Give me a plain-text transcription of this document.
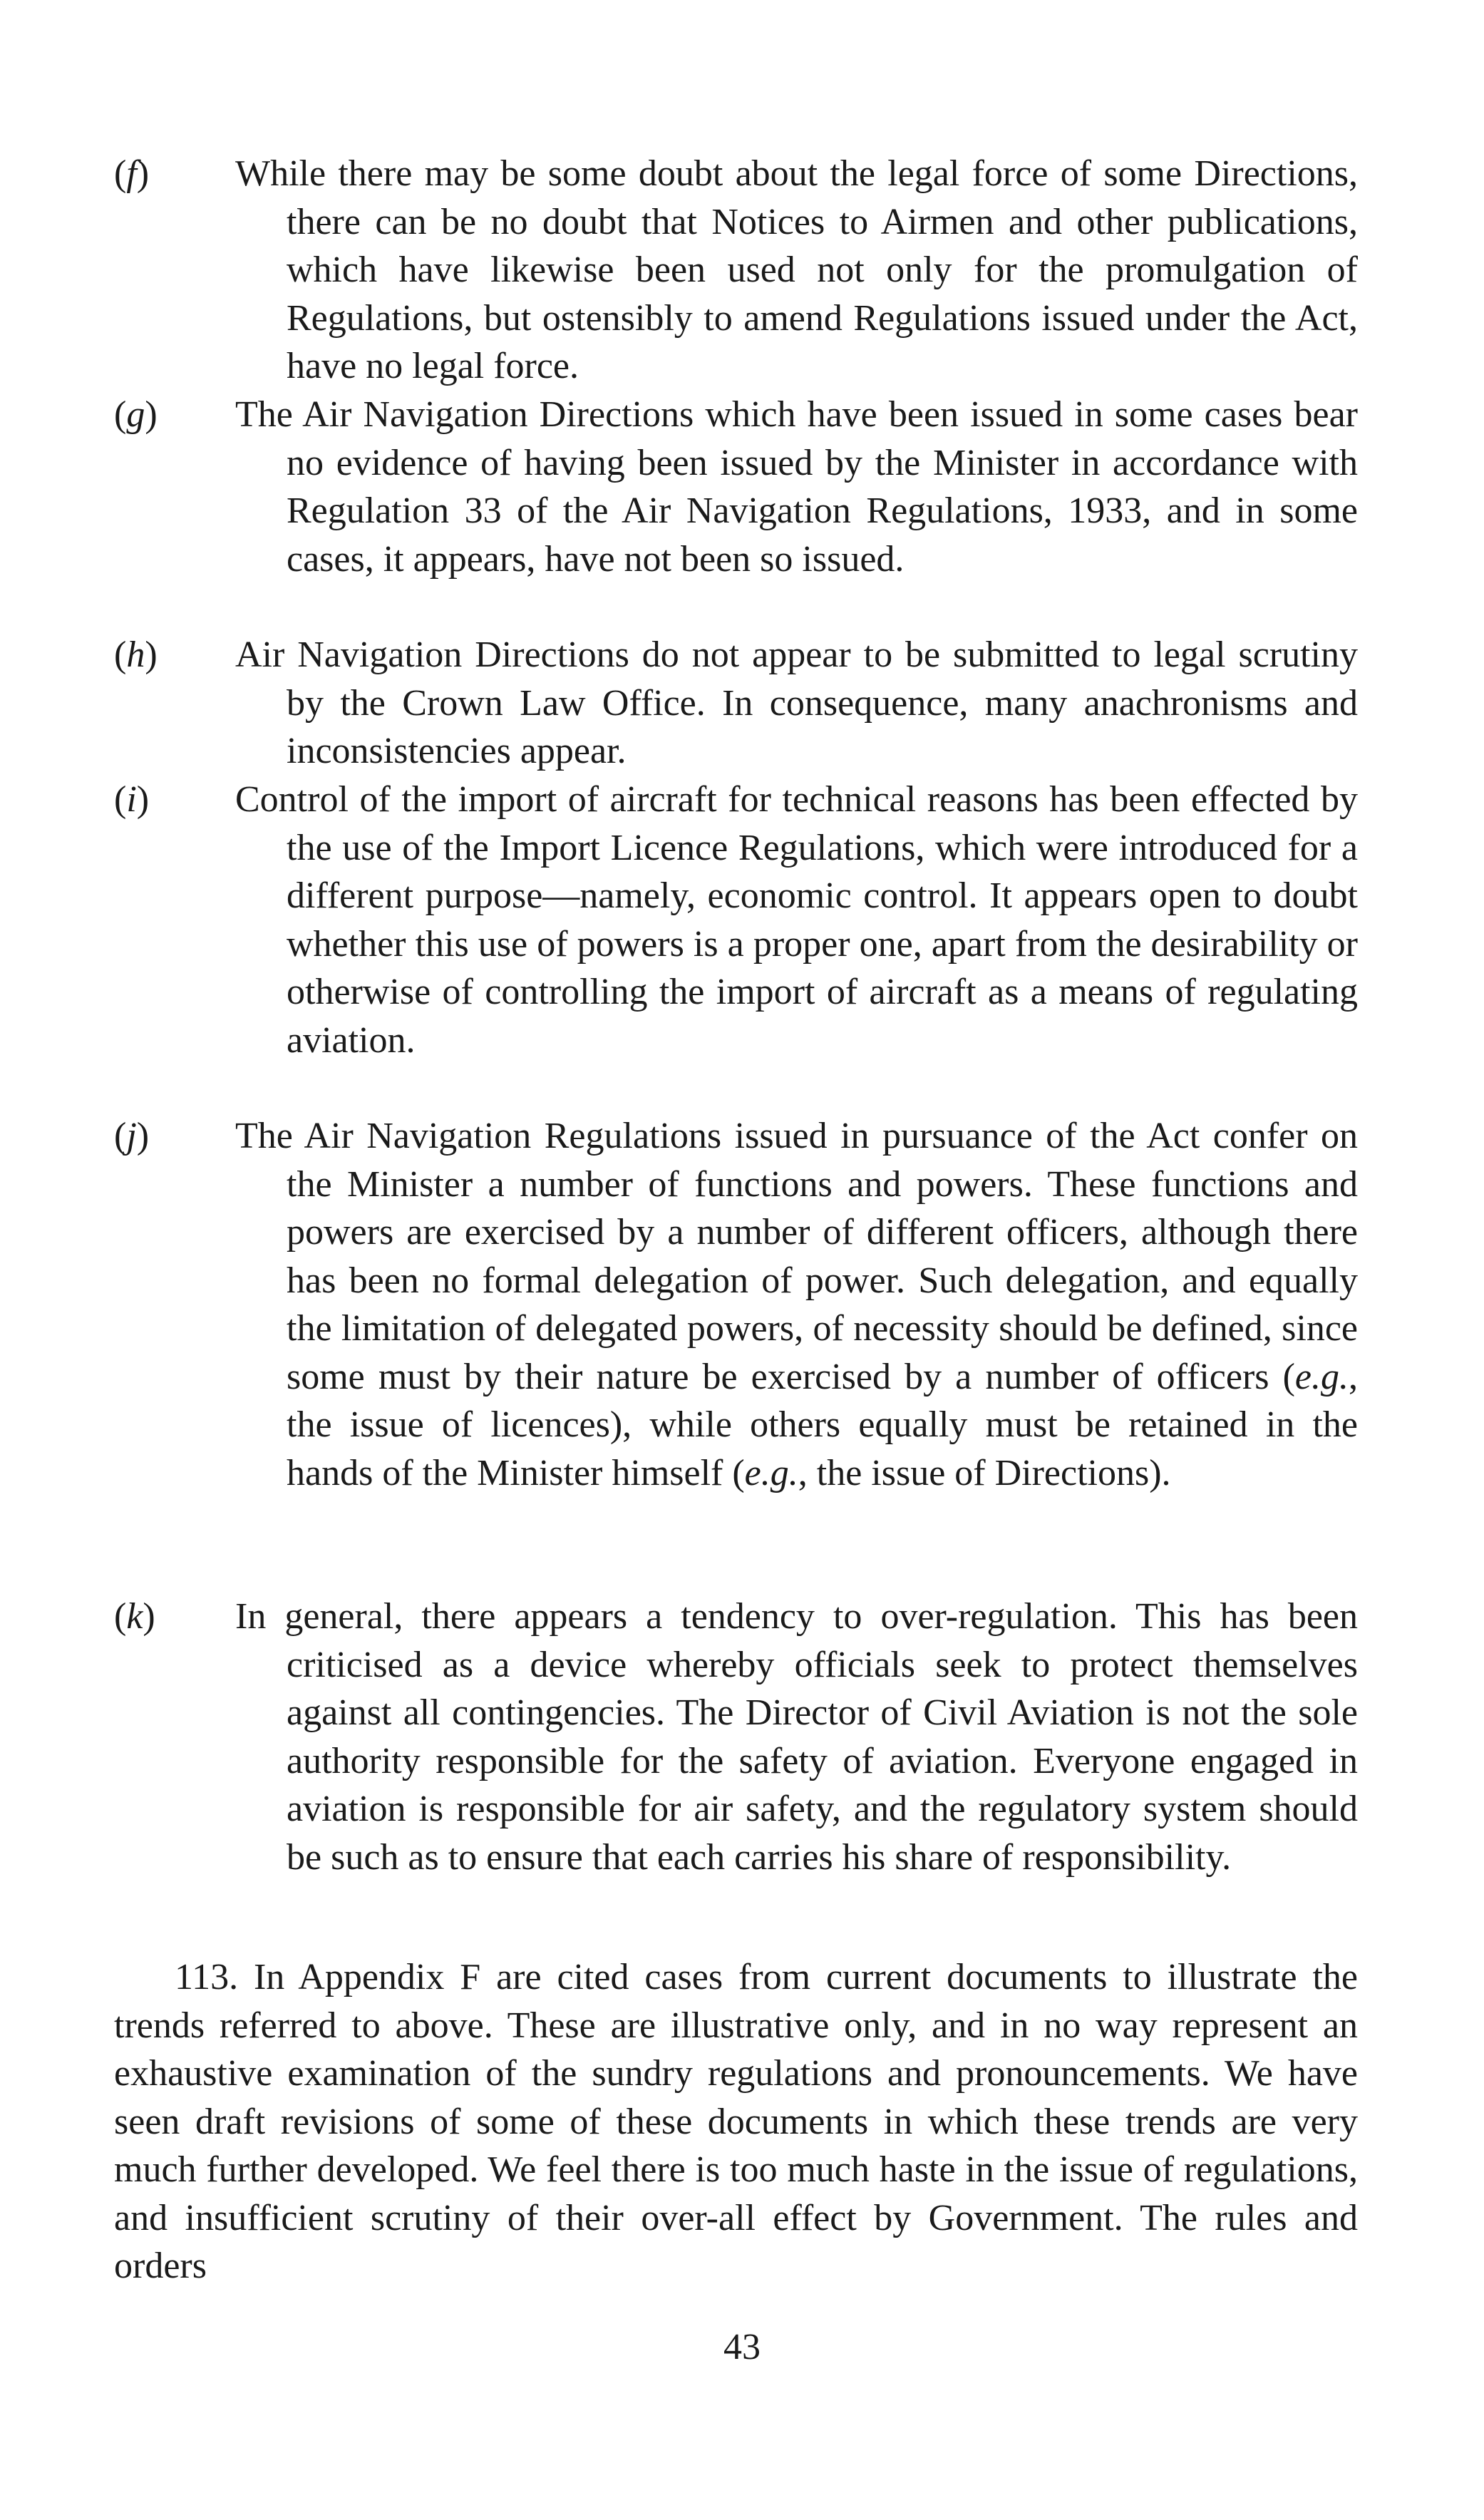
(f) While there may be some doubt about the legal force of some Directions, there can be no doubt that Notices to Airmen and other publications, which have likewise been used not only for the promulgation of Regulations, but ostensibly to amend Regulations issued under the Act, have no legal force.
(g) The Air Navigation Directions which have been issued in some cases bear no evidence of having been issued by the Minister in accordance with Regulation 33 of the Air Navigation Regulations, 1933, and in some cases, it appears, have not been so issued.
(h) Air Navigation Directions do not appear to be submitted to legal scrutiny by the Crown Law Office. In consequence, many anachronisms and inconsistencies appear.
(i) Control of the import of aircraft for technical reasons has been effected by the use of the Import Licence Regulations, which were introduced for a different purpose—namely, economic control. It appears open to doubt whether this use of powers is a proper one, apart from the desirability or otherwise of controlling the import of aircraft as a means of regulating aviation.
(j) The Air Navigation Regulations issued in pursuance of the Act confer on the Minister a number of functions and powers. These functions and powers are exercised by a number of different officers, although there has been no formal delegation of power. Such delegation, and equally the limitation of delegated powers, of necessity should be defined, since some must by their nature be exercised by a number of officers (e.g., the issue of licences), while others equally must be retained in the hands of the Minister himself (e.g., the issue of Directions).
(k) In general, there appears a tendency to over-regulation. This has been criticised as a device whereby officials seek to protect themselves against all contingencies. The Director of Civil Aviation is not the sole authority responsible for the safety of aviation. Everyone engaged in aviation is responsible for air safety, and the regulatory system should be such as to ensure that each carries his share of responsibility.
113. In Appendix F are cited cases from current documents to illustrate the trends referred to above. These are illustrative only, and in no way represent an exhaustive examination of the sundry regulations and pronouncements. We have seen draft revisions of some of these documents in which these trends are very much further developed. We feel there is too much haste in the issue of regulations, and insufficient scrutiny of their over-all effect by Government. The rules and orders
43
